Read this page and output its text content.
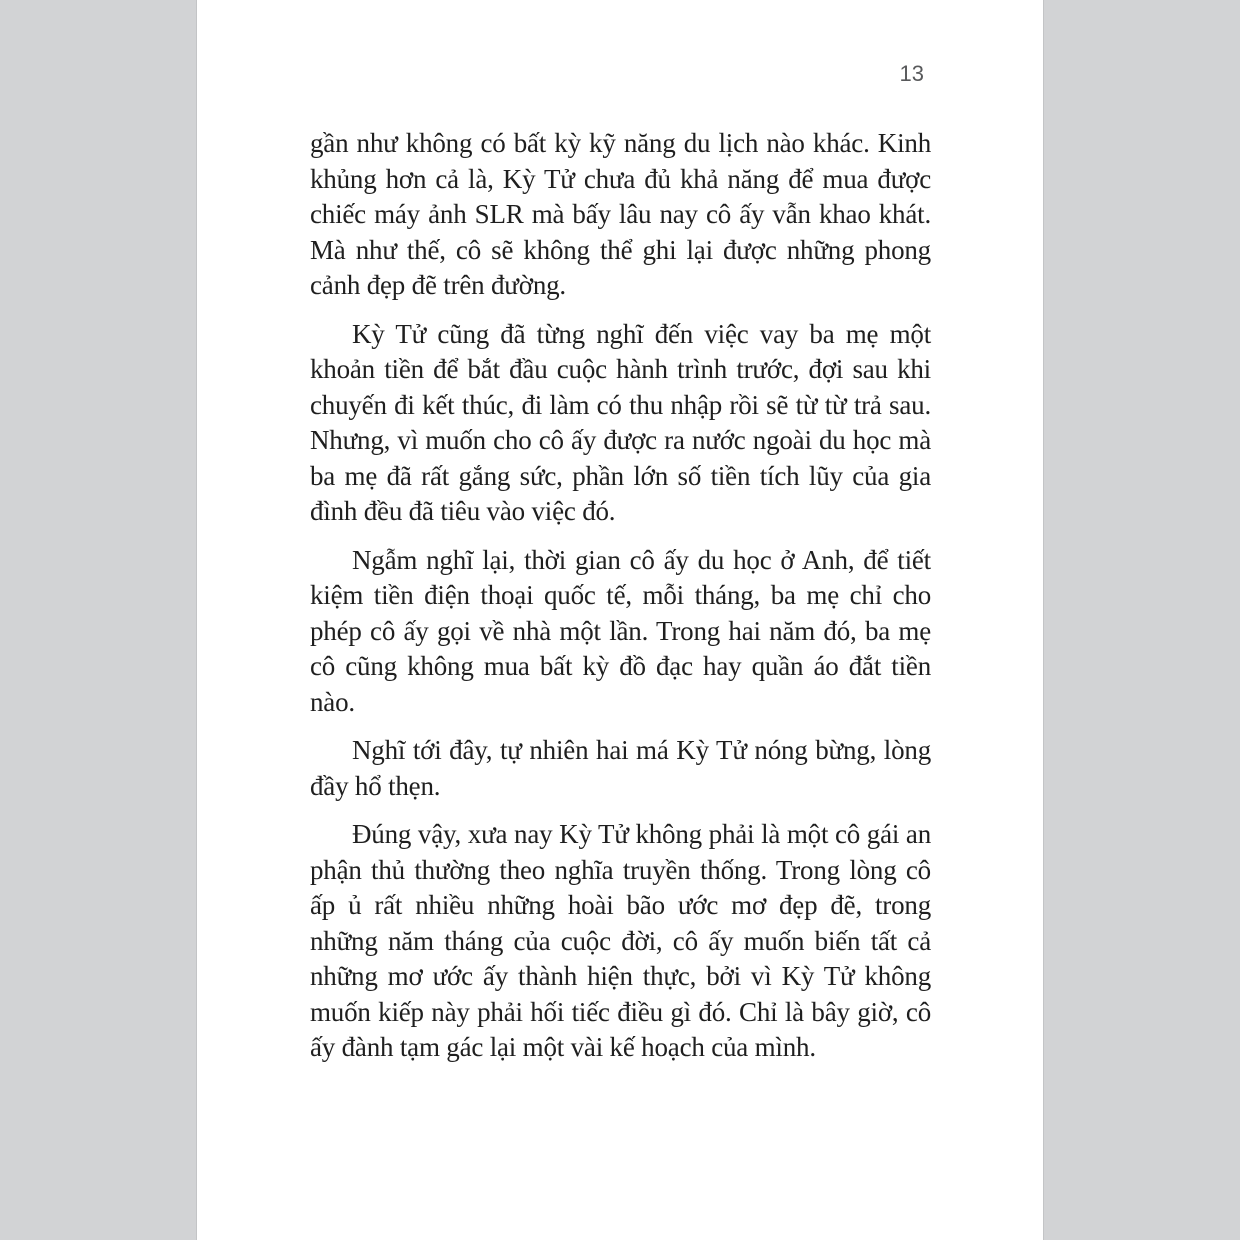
13

gần như không có bất kỳ kỹ năng du lịch nào khác. Kinh khủng hơn cả là, Kỳ Tử chưa đủ khả năng để mua được chiếc máy ảnh SLR mà bấy lâu nay cô ấy vẫn khao khát. Mà như thế, cô sẽ không thể ghi lại được những phong cảnh đẹp đẽ trên đường.

Kỳ Tử cũng đã từng nghĩ đến việc vay ba mẹ một khoản tiền để bắt đầu cuộc hành trình trước, đợi sau khi chuyến đi kết thúc, đi làm có thu nhập rồi sẽ từ từ trả sau. Nhưng, vì muốn cho cô ấy được ra nước ngoài du học mà ba mẹ đã rất gắng sức, phần lớn số tiền tích lũy của gia đình đều đã tiêu vào việc đó.

Ngẫm nghĩ lại, thời gian cô ấy du học ở Anh, để tiết kiệm tiền điện thoại quốc tế, mỗi tháng, ba mẹ chỉ cho phép cô ấy gọi về nhà một lần. Trong hai năm đó, ba mẹ cô cũng không mua bất kỳ đồ đạc hay quần áo đắt tiền nào.

Nghĩ tới đây, tự nhiên hai má Kỳ Tử nóng bừng, lòng đầy hổ thẹn.

Đúng vậy, xưa nay Kỳ Tử không phải là một cô gái an phận thủ thường theo nghĩa truyền thống. Trong lòng cô ấp ủ rất nhiều những hoài bão ước mơ đẹp đẽ, trong những năm tháng của cuộc đời, cô ấy muốn biến tất cả những mơ ước ấy thành hiện thực, bởi vì Kỳ Tử không muốn kiếp này phải hối tiếc điều gì đó. Chỉ là bây giờ, cô ấy đành tạm gác lại một vài kế hoạch của mình.
